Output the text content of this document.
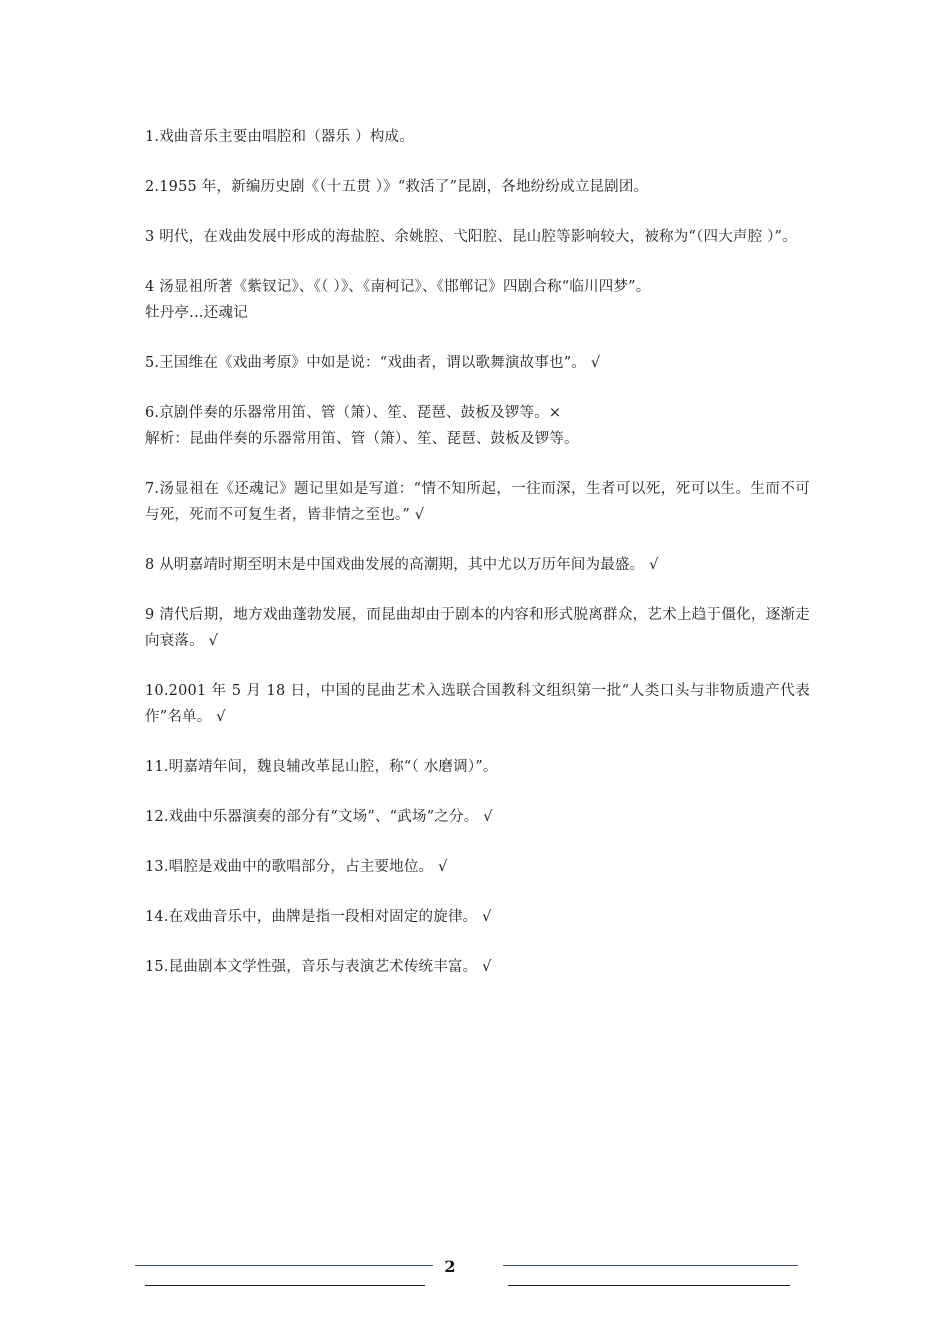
1.戏曲音乐主要由唱腔和（器乐 ）构成。

2.1955 年，新编历史剧《（十五贯 ）》“救活了”昆剧，各地纷纷成立昆剧团。

3 明代，在戏曲发展中形成的海盐腔、余姚腔、弋阳腔、昆山腔等影响较大，被称为“（四大声腔 ）”。

4 汤显祖所著《紫钗记》、《（ ）》、《南柯记》、《邯郸记》四剧合称“临川四梦”。

牡丹亭…还魂记

5.王国维在《戏曲考原》中如是说：“戏曲者，谓以歌舞演故事也”。 √

6.京剧伴奏的乐器常用笛、管（箫）、笙、琵琶、鼓板及锣等。×

解析：昆曲伴奏的乐器常用笛、管（箫）、笙、琵琶、鼓板及锣等。

7.汤显祖在《还魂记》题记里如是写道：“情不知所起，一往而深，生者可以死，死可以生。生而不可与死，死而不可复生者，皆非情之至也。” √

8 从明嘉靖时期至明末是中国戏曲发展的高潮期，其中尤以万历年间为最盛。 √

9 清代后期，地方戏曲蓬勃发展，而昆曲却由于剧本的内容和形式脱离群众，艺术上趋于僵化，逐渐走向衰落。 √

10.2001 年 5 月 18 日，中国的昆曲艺术入选联合国教科文组织第一批“人类口头与非物质遗产代表作”名单。 √

11.明嘉靖年间，魏良辅改革昆山腔，称“（ 水磨调）”。

12.戏曲中乐器演奏的部分有“文场”、“武场”之分。 √

13.唱腔是戏曲中的歌唱部分，占主要地位。 √

14.在戏曲音乐中，曲牌是指一段相对固定的旋律。 √

15.昆曲剧本文学性强，音乐与表演艺术传统丰富。 √

2
